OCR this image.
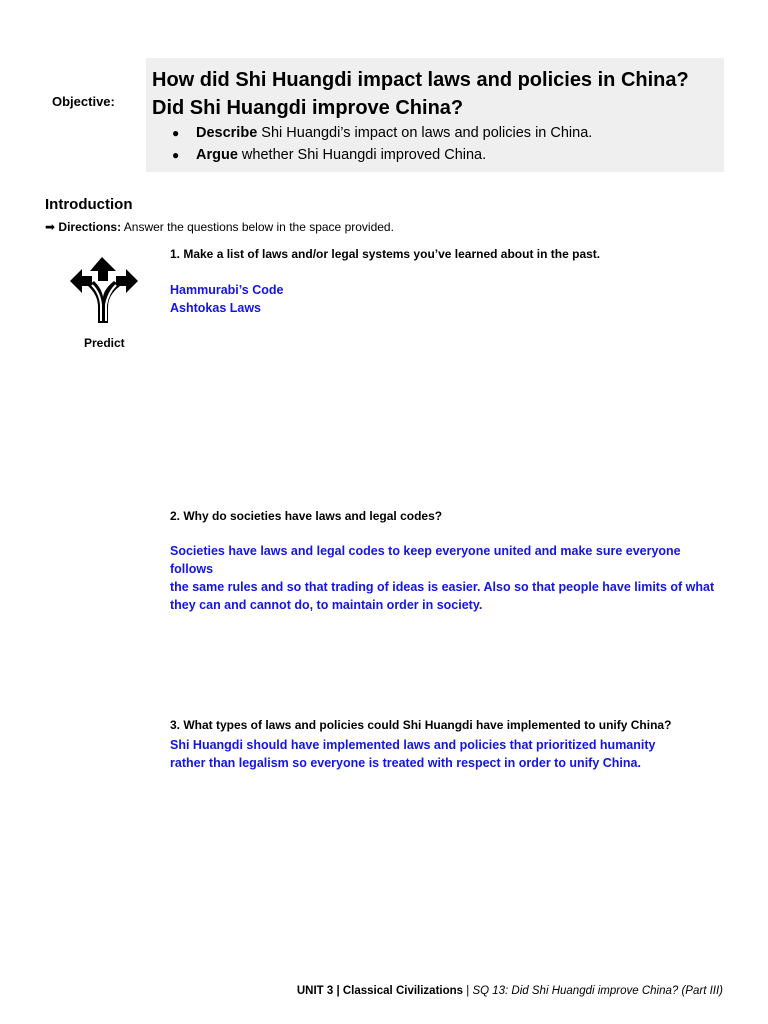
Objective:
How did Shi Huangdi impact laws and policies in China? Did Shi Huangdi improve China?
● Describe Shi Huangdi’s impact on laws and policies in China.
● Argue whether Shi Huangdi improved China.
Introduction
➡ Directions: Answer the questions below in the space provided.
Predict
1. Make a list of laws and/or legal systems you’ve learned about in the past.
Hammurabi’s Code
Ashtokas Laws
2. Why do societies have laws and legal codes?
Societies have laws and legal codes to keep everyone united and make sure everyone follows
the same rules and so that trading of ideas is easier. Also so that people have limits of what
they can and cannot do, to maintain order in society.
3. What types of laws and policies could Shi Huangdi have implemented to unify China?
Shi Huangdi should have implemented laws and policies that prioritized humanity
rather than legalism so everyone is treated with respect in order to unify China.
UNIT 3 | Classical Civilizations | SQ 13: Did Shi Huangdi improve China? (Part III)
